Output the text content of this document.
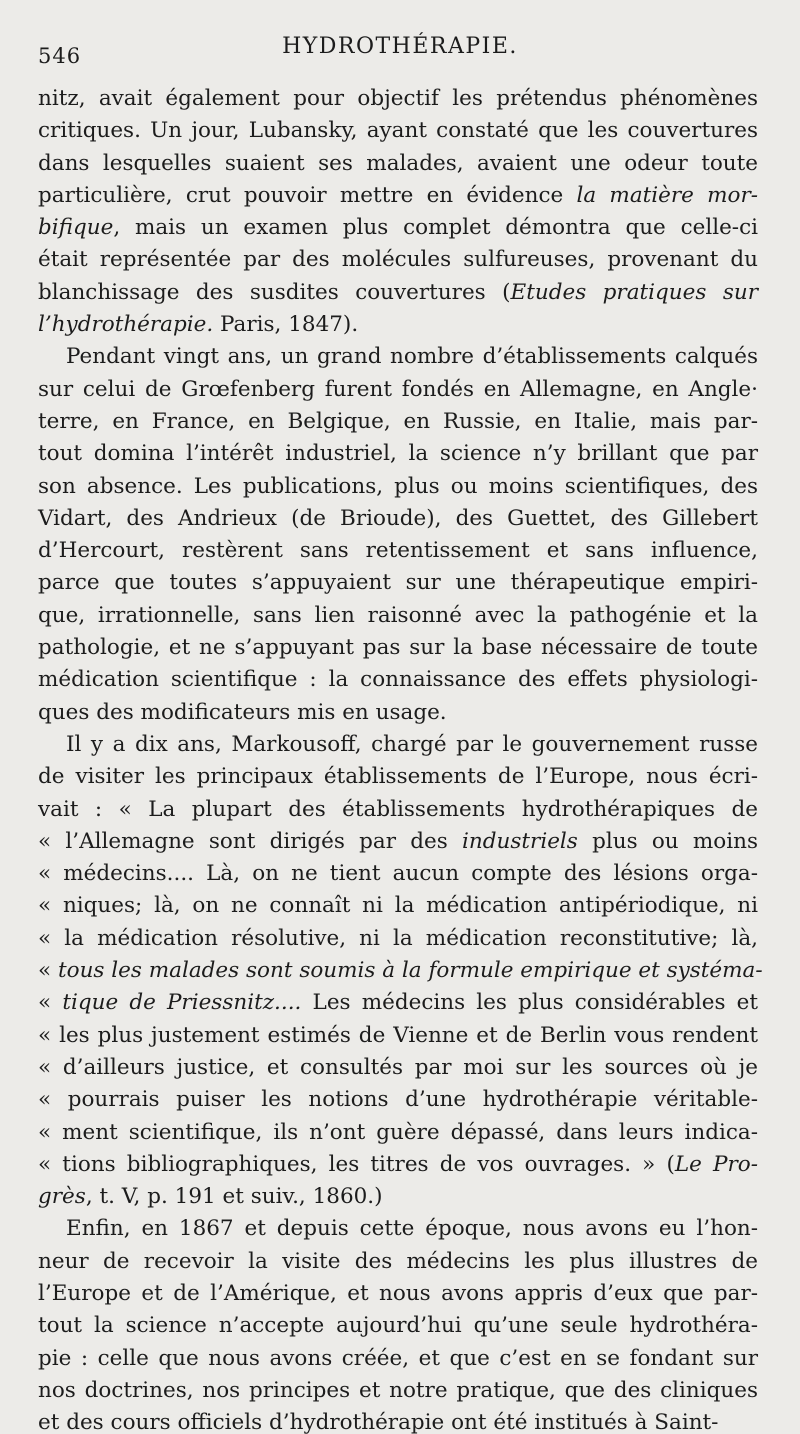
546	HYDROTHÉRAPIE.
nitz, avait également pour objectif les prétendus phénomènes
critiques. Un jour, Lubansky, ayant constaté que les couvertures
dans lesquelles suaient ses malades, avaient une odeur toute
particulière, crut pouvoir mettre en évidence la matière mor-
bifique, mais un examen plus complet démontra que celle-ci
était représentée par des molécules sulfureuses, provenant du
blanchissage des susdites couvertures (Etudes pratiques sur
l’hydrothérapie. Paris, 1847).
Pendant vingt ans, un grand nombre d’établissements calqués
sur celui de Grœfenberg furent fondés en Allemagne, en Angle·
terre, en France, en Belgique, en Russie, en Italie, mais par-
tout domina l’intérêt industriel, la science n’y brillant que par
son absence. Les publications, plus ou moins scientifiques, des
Vidart, des Andrieux (de Brioude), des Guettet, des Gillebert
d’Hercourt, restèrent sans retentissement et sans influence,
parce que toutes s’appuyaient sur une thérapeutique empiri-
que, irrationnelle, sans lien raisonné avec la pathogénie et la
pathologie, et ne s’appuyant pas sur la base nécessaire de toute
médication scientifique : la connaissance des effets physiologi-
ques des modificateurs mis en usage.
Il y a dix ans, Markousoff, chargé par le gouvernement russe
de visiter les principaux établissements de l’Europe, nous écri-
vait : « La plupart des établissements hydrothérapiques de
« l’Allemagne sont dirigés par des industriels plus ou moins
« médecins.... Là, on ne tient aucun compte des lésions orga-
« niques; là, on ne connaît ni la médication antipériodique, ni
« la médication résolutive, ni la médication reconstitutive; là,
« tous les malades sont soumis à la formule empirique et systéma-
« tique de Priessnitz.... Les médecins les plus considérables et
« les plus justement estimés de Vienne et de Berlin vous rendent
« d’ailleurs justice, et consultés par moi sur les sources où je
« pourrais puiser les notions d’une hydrothérapie véritable-
« ment scientifique, ils n’ont guère dépassé, dans leurs indica-
« tions bibliographiques, les titres de vos ouvrages. » (Le Pro-
grès, t. V, p. 191 et suiv., 1860.)
Enfin, en 1867 et depuis cette époque, nous avons eu l’hon-
neur de recevoir la visite des médecins les plus illustres de
l’Europe et de l’Amérique, et nous avons appris d’eux que par-
tout la science n’accepte aujourd’hui qu’une seule hydrothéra-
pie : celle que nous avons créée, et que c’est en se fondant sur
nos doctrines, nos principes et notre pratique, que des cliniques
et des cours officiels d’hydrothérapie ont été institués à Saint-
